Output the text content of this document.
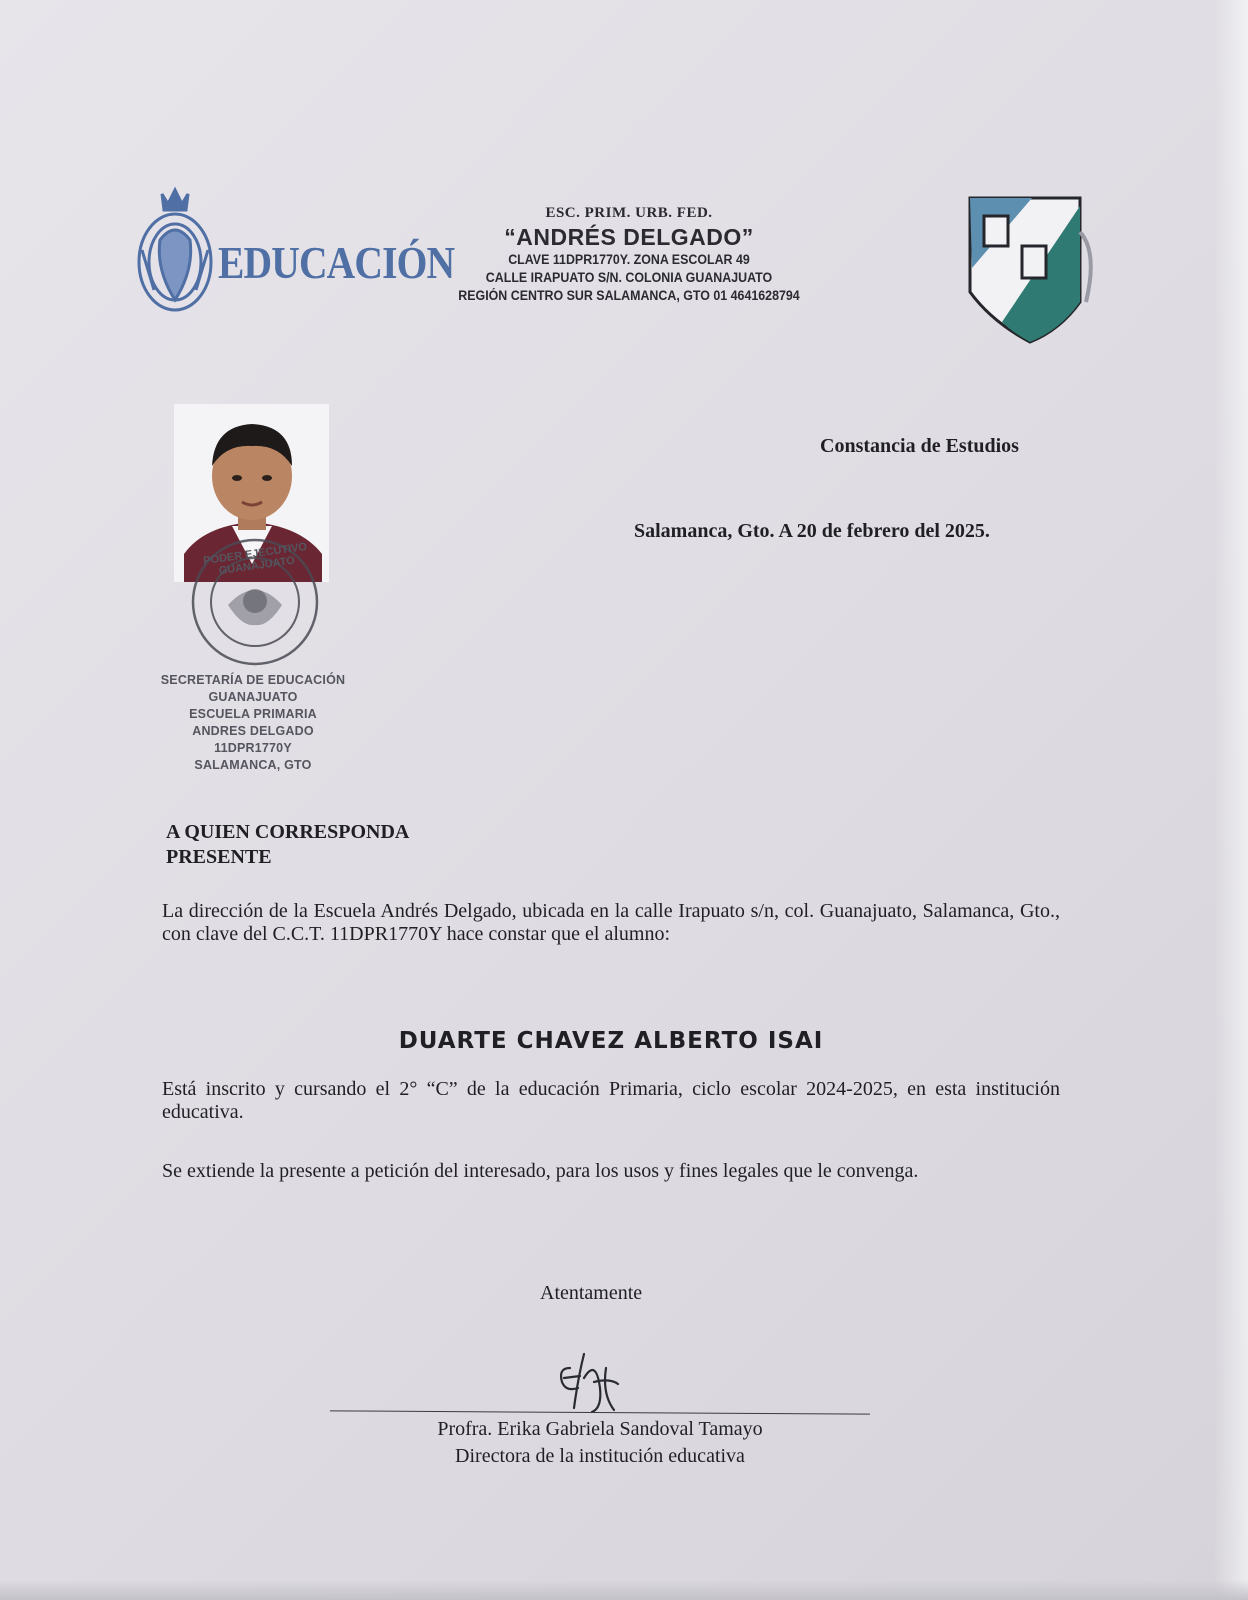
EDUCACIÓN
ESC. PRIM. URB. FED.
“ANDRÉS DELGADO”
CLAVE 11DPR1770Y. ZONA ESCOLAR 49
CALLE IRAPUATO S/N. COLONIA GUANAJUATO
REGIÓN CENTRO SUR SALAMANCA, GTO 01 4641628794
PODER EJECUTIVO GUANAJUATO
SECRETARÍA DE EDUCACIÓN
GUANAJUATO
ESCUELA PRIMARIA
ANDRES DELGADO
11DPR1770Y
SALAMANCA, GTO
Constancia de Estudios
Salamanca, Gto. A 20 de febrero del 2025.
A QUIEN CORRESPONDA
PRESENTE
La dirección de la Escuela Andrés Delgado, ubicada en la calle Irapuato s/n, col. Guanajuato, Salamanca, Gto., con clave del C.C.T. 11DPR1770Y hace constar que el alumno:
DUARTE CHAVEZ ALBERTO ISAI
Está inscrito y cursando el 2° “C” de la educación Primaria, ciclo escolar 2024-2025, en esta institución educativa.
Se extiende la presente a petición del interesado, para los usos y fines legales que le convenga.
Atentamente
Profra. Erika Gabriela Sandoval Tamayo
Directora de la institución educativa
